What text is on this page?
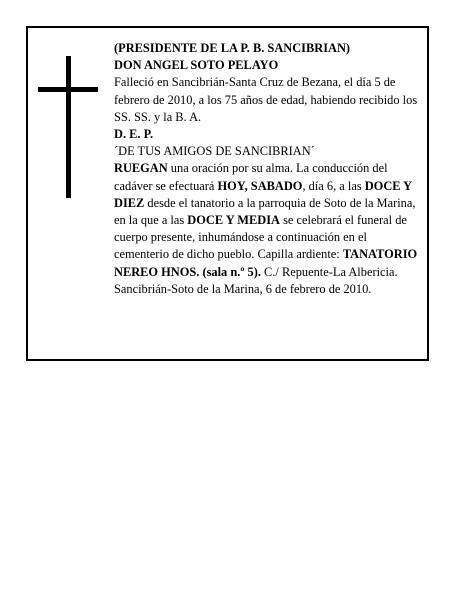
(PRESIDENTE DE LA P. B. SANCIBRIAN)

DON ANGEL SOTO PELAYO

Falleció en Sancibrián-Santa Cruz de Bezana, el día 5 de febrero de 2010, a los 75 años de edad, habiendo recibido los SS. SS. y la B. A.

D. E. P.

´DE TUS AMIGOS DE SANCIBRIAN´

RUEGAN una oración por su alma. La conducción del cadáver se efectuará HOY, SABADO, día 6, a las DOCE Y DIEZ desde el tanatorio a la parroquia de Soto de la Marina, en la que a las DOCE Y MEDIA se celebrará el funeral de cuerpo presente, inhumándose a continuación en el cementerio de dicho pueblo. Capilla ardiente: TANATORIO NEREO HNOS. (sala n.º 5). C./ Repuente-La Albericia.

Sancibrián-Soto de la Marina, 6 de febrero de 2010.
